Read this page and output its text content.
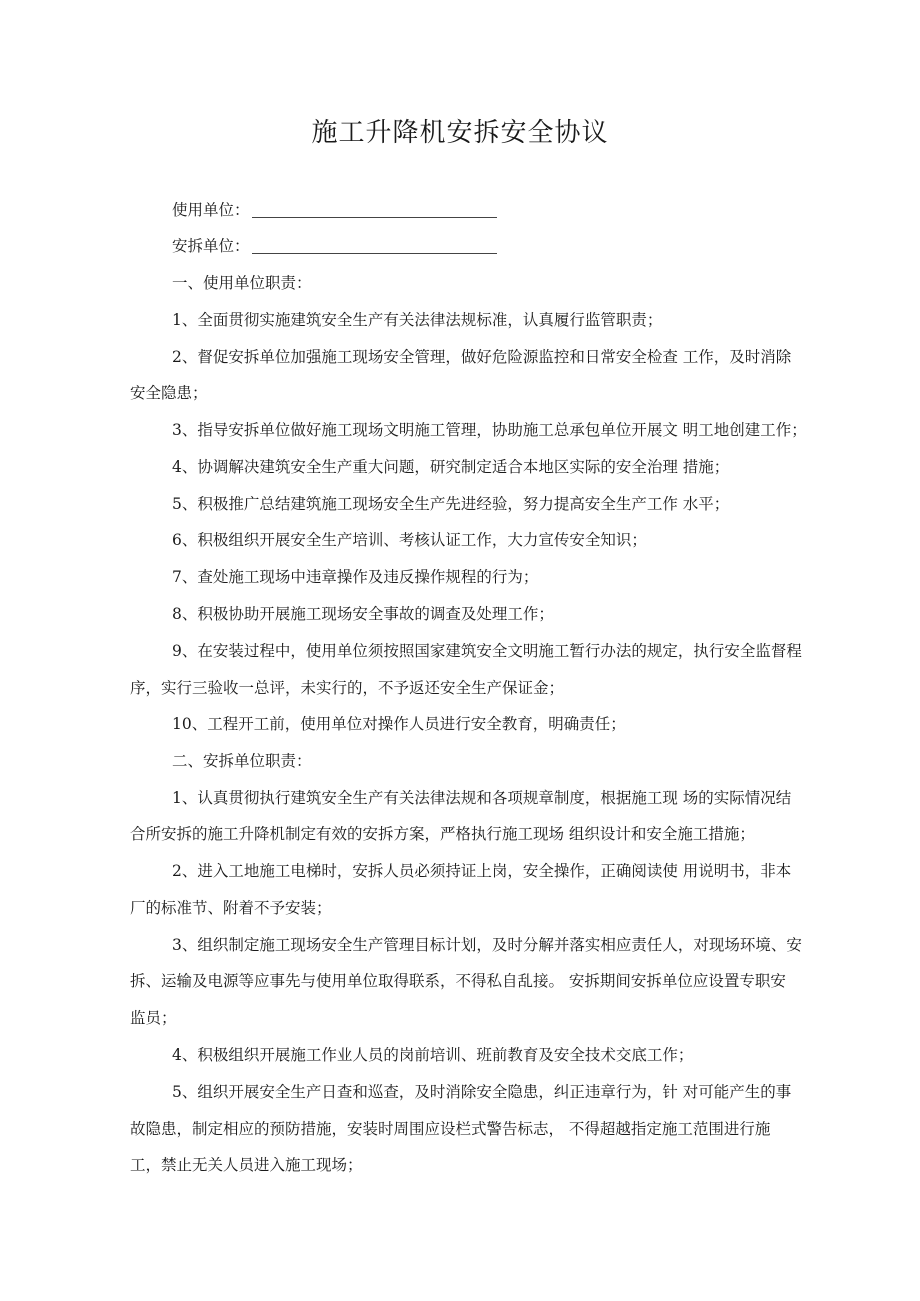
施工升降机安拆安全协议
使用单位：
安拆单位：
一、使用单位职责：
1、全面贯彻实施建筑安全生产有关法律法规标准，认真履行监管职责；
2、督促安拆单位加强施工现场安全管理，做好危险源监控和日常安全检查 工作，及时消除
安全隐患；
3、指导安拆单位做好施工现场文明施工管理，协助施工总承包单位开展文 明工地创建工作；
4、协调解决建筑安全生产重大问题，研究制定适合本地区实际的安全治理 措施；
5、积极推广总结建筑施工现场安全生产先进经验，努力提高安全生产工作 水平；
6、积极组织开展安全生产培训、考核认证工作，大力宣传安全知识；
7、查处施工现场中违章操作及违反操作规程的行为；
8、积极协助开展施工现场安全事故的调查及处理工作；
9、在安装过程中，使用单位须按照国家建筑安全文明施工暂行办法的规定，执行安全监督程
序，实行三验收一总评，未实行的，不予返还安全生产保证金；
10、工程开工前，使用单位对操作人员进行安全教育，明确责任；
二、安拆单位职责：
1、认真贯彻执行建筑安全生产有关法律法规和各项规章制度，根据施工现 场的实际情况结
合所安拆的施工升降机制定有效的安拆方案，严格执行施工现场 组织设计和安全施工措施；
2、进入工地施工电梯时，安拆人员必须持证上岗，安全操作，正确阅读使 用说明书，非本
厂的标准节、附着不予安装；
3、组织制定施工现场安全生产管理目标计划，及时分解并落实相应责任人，对现场环境、安
拆、运输及电源等应事先与使用单位取得联系，不得私自乱接。 安拆期间安拆单位应设置专职安
监员；
4、积极组织开展施工作业人员的岗前培训、班前教育及安全技术交底工作；
5、组织开展安全生产日查和巡查，及时消除安全隐患，纠正违章行为，针 对可能产生的事
故隐患，制定相应的预防措施，安装时周围应设栏式警告标志， 不得超越指定施工范围进行施
工，禁止无关人员进入施工现场；
